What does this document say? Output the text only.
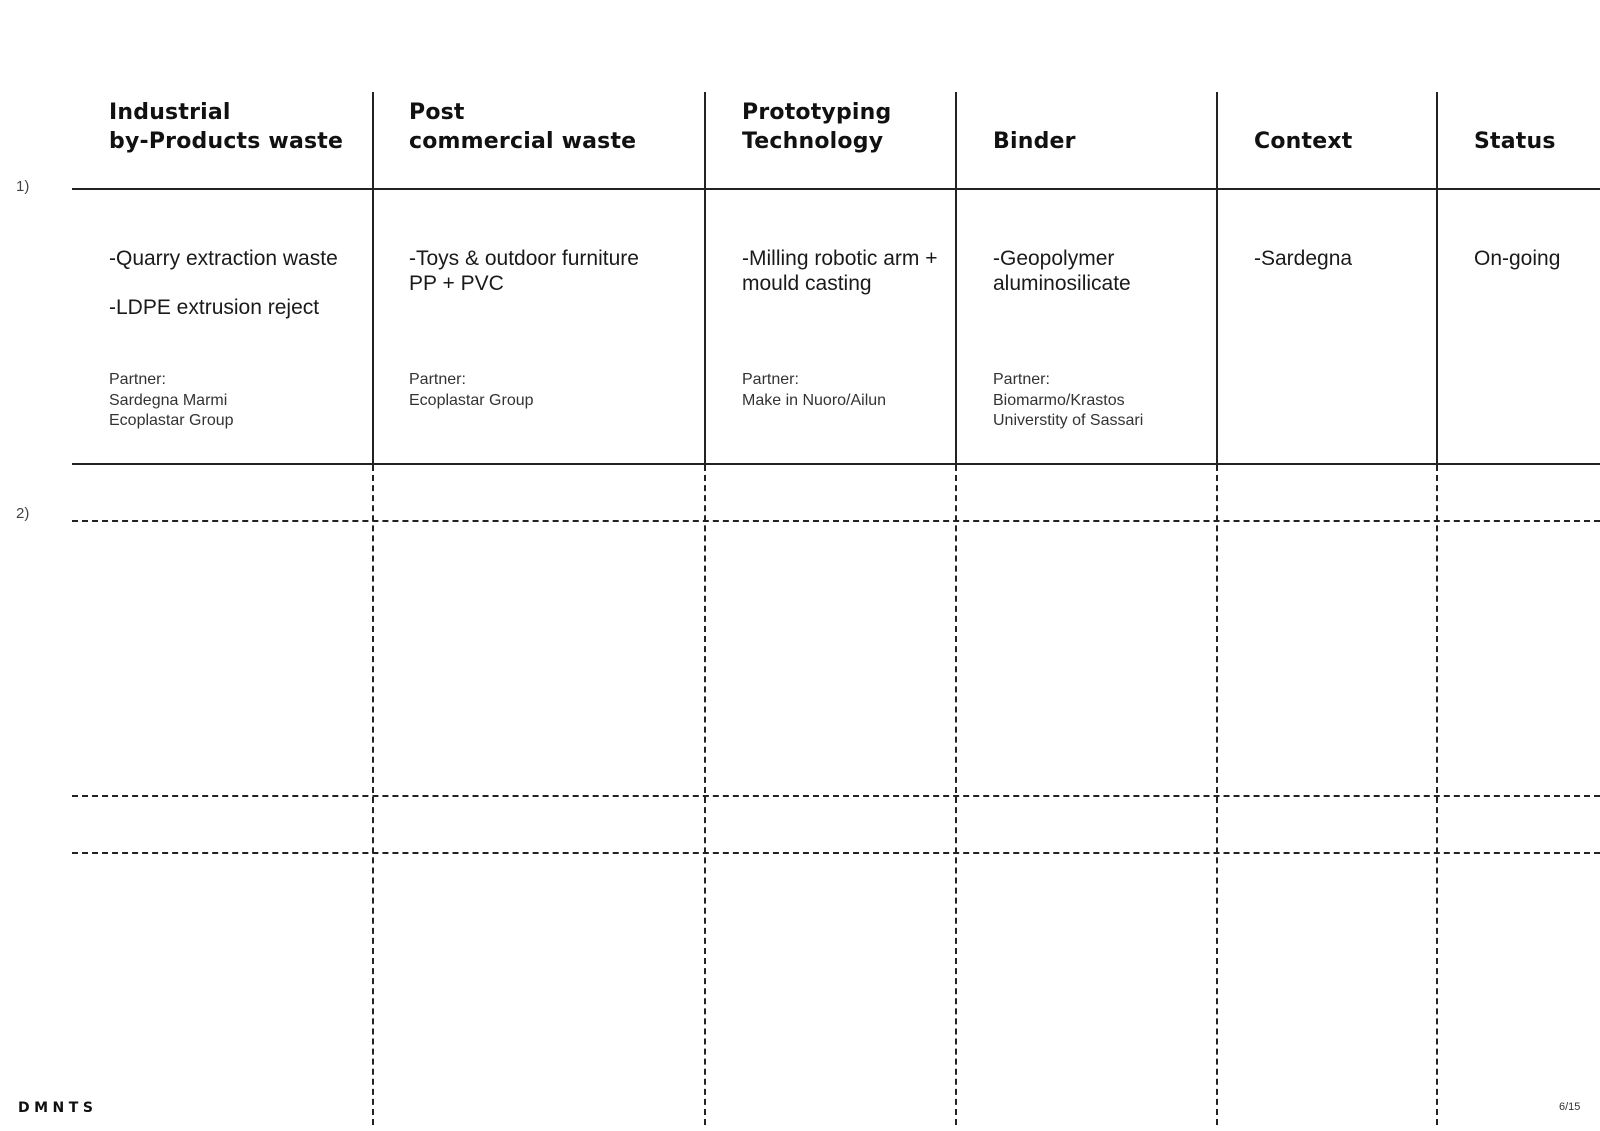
1)
2)
Industrial
by-Products waste
-Quarry extraction waste
-LDPE extrusion reject
Partner:
Sardegna Marmi
Ecoplastar Group
Post
commercial waste
-Toys & outdoor furniture
PP + PVC
Partner:
Ecoplastar Group
Prototyping
Technology
-Milling robotic arm +
mould casting
Partner:
Make in Nuoro/Ailun
Binder
-Geopolymer
aluminosilicate
Partner:
Biomarmo/Krastos
Universtity of Sassari
Context
-Sardegna
Status
On-going
DMNTS	6/15
